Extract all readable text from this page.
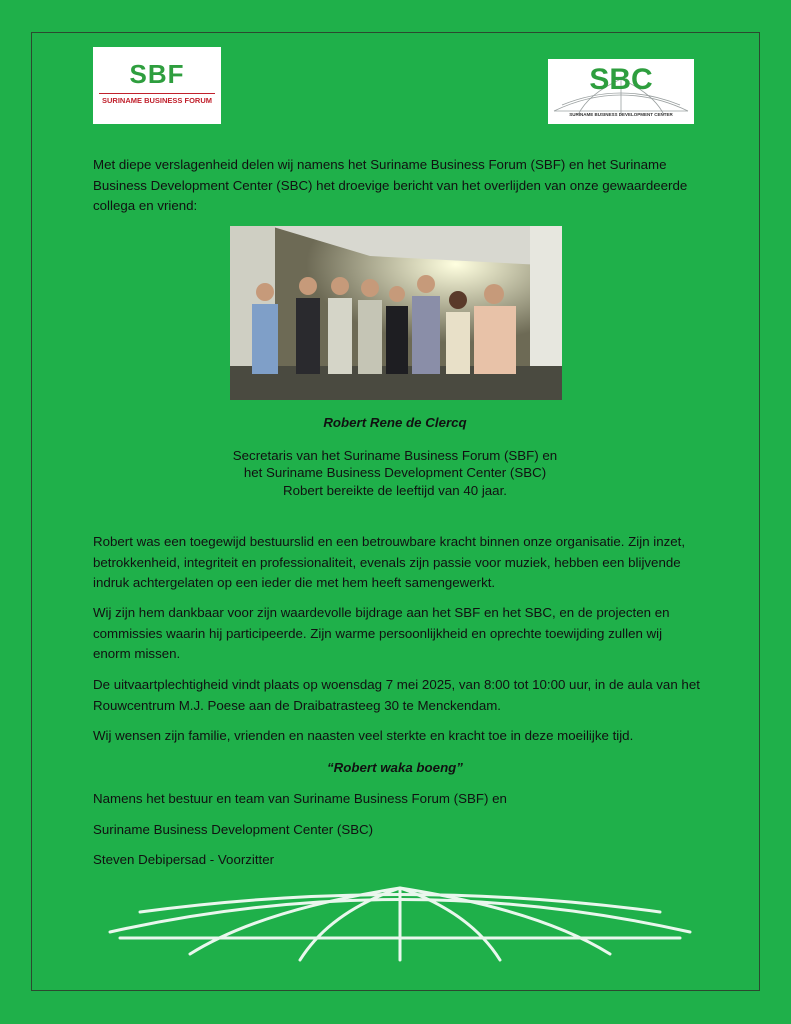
SBF
SURINAME BUSINESS FORUM
SBC
SURINAME BUSINESS DEVELOPMENT CENTER

Met diepe verslagenheid delen wij namens het Suriname Business Forum (SBF) en het Suriname Business Development Center (SBC) het droevige bericht van het overlijden van onze gewaardeerde collega en vriend:

Robert Rene de Clercq

Secretaris van het Suriname Business Forum (SBF) en

het Suriname Business Development Center (SBC)

Robert bereikte de leeftijd van 40 jaar.

Robert was een toegewijd bestuurslid en een betrouwbare kracht binnen onze organisatie. Zijn inzet, betrokkenheid, integriteit en professionaliteit, evenals zijn passie voor muziek, hebben een blijvende indruk achtergelaten op een ieder die met hem heeft samengewerkt.

Wij zijn hem dankbaar voor zijn waardevolle bijdrage aan het SBF en het SBC, en de projecten en commissies waarin hij participeerde. Zijn warme persoonlijkheid en oprechte toewijding zullen wij enorm missen.

De uitvaartplechtigheid vindt plaats op woensdag 7 mei 2025, van 8:00 tot 10:00 uur, in de aula van het Rouwcentrum M.J. Poese aan de Draibatrasteeg 30 te Menckendam.

Wij wensen zijn familie, vrienden en naasten veel sterkte en kracht toe in deze moeilijke tijd.

“Robert waka boeng”

Namens het bestuur en team van Suriname Business Forum (SBF) en

Suriname Business Development Center (SBC)

Steven Debipersad - Voorzitter
